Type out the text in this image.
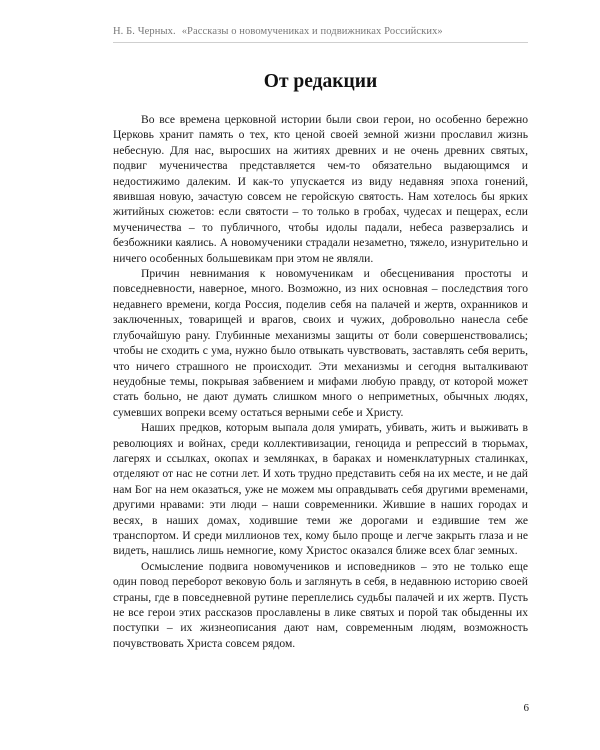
Н. Б. Черных. «Рассказы о новомучениках и подвижниках Российских»
От редакции

Во все времена церковной истории были свои герои, но особенно бережно Церковь хранит память о тех, кто ценой своей земной жизни прославил жизнь небесную. Для нас, выросших на житиях древних и не очень древних святых, подвиг мученичества представляется чем-то обязательно выдающимся и недостижимо далеким. И как-то упускается из виду недавняя эпоха гонений, явившая новую, зачастую совсем не геройскую святость. Нам хотелось бы ярких житийных сюжетов: если святости – то только в гробах, чудесах и пещерах, если мученичества – то публичного, чтобы идолы падали, небеса разверзались и безбожники каялись. А новомученики страдали незаметно, тяжело, изнурительно и ничего особенных большевикам при этом не являли.

Причин невнимания к новомученикам и обесценивания простоты и повседневности, наверное, много. Возможно, из них основная – последствия того недавнего времени, когда Россия, поделив себя на палачей и жертв, охранников и заключенных, товарищей и врагов, своих и чужих, добровольно нанесла себе глубочайшую рану. Глубинные механизмы защиты от боли совершенствовались; чтобы не сходить с ума, нужно было отвыкать чувствовать, заставлять себя верить, что ничего страшного не происходит. Эти механизмы и сегодня выталкивают неудобные темы, покрывая забвением и мифами любую правду, от которой может стать больно, не дают думать слишком много о неприметных, обычных людях, сумевших вопреки всему остаться верными себе и Христу.

Наших предков, которым выпала доля умирать, убивать, жить и выживать в революциях и войнах, среди коллективизации, геноцида и репрессий в тюрьмах, лагерях и ссылках, окопах и землянках, в бараках и номенклатурных сталинках, отделяют от нас не сотни лет. И хоть трудно представить себя на их месте, и не дай нам Бог на нем оказаться, уже не можем мы оправдывать себя другими временами, другими нравами: эти люди – наши современники. Жившие в наших городах и весях, в наших домах, ходившие теми же дорогами и ездившие тем же транспортом. И среди миллионов тех, кому было проще и легче закрыть глаза и не видеть, нашлись лишь немногие, кому Христос оказался ближе всех благ земных.

Осмысление подвига новомучеников и исповедников – это не только еще один повод переборот вековую боль и заглянуть в себя, в недавнюю историю своей страны, где в повседневной рутине переплелись судьбы палачей и их жертв. Пусть не все герои этих рассказов прославлены в лике святых и порой так обыденны их поступки – их жизнеописания дают нам, современным людям, возможность почувствовать Христа совсем рядом.

6
